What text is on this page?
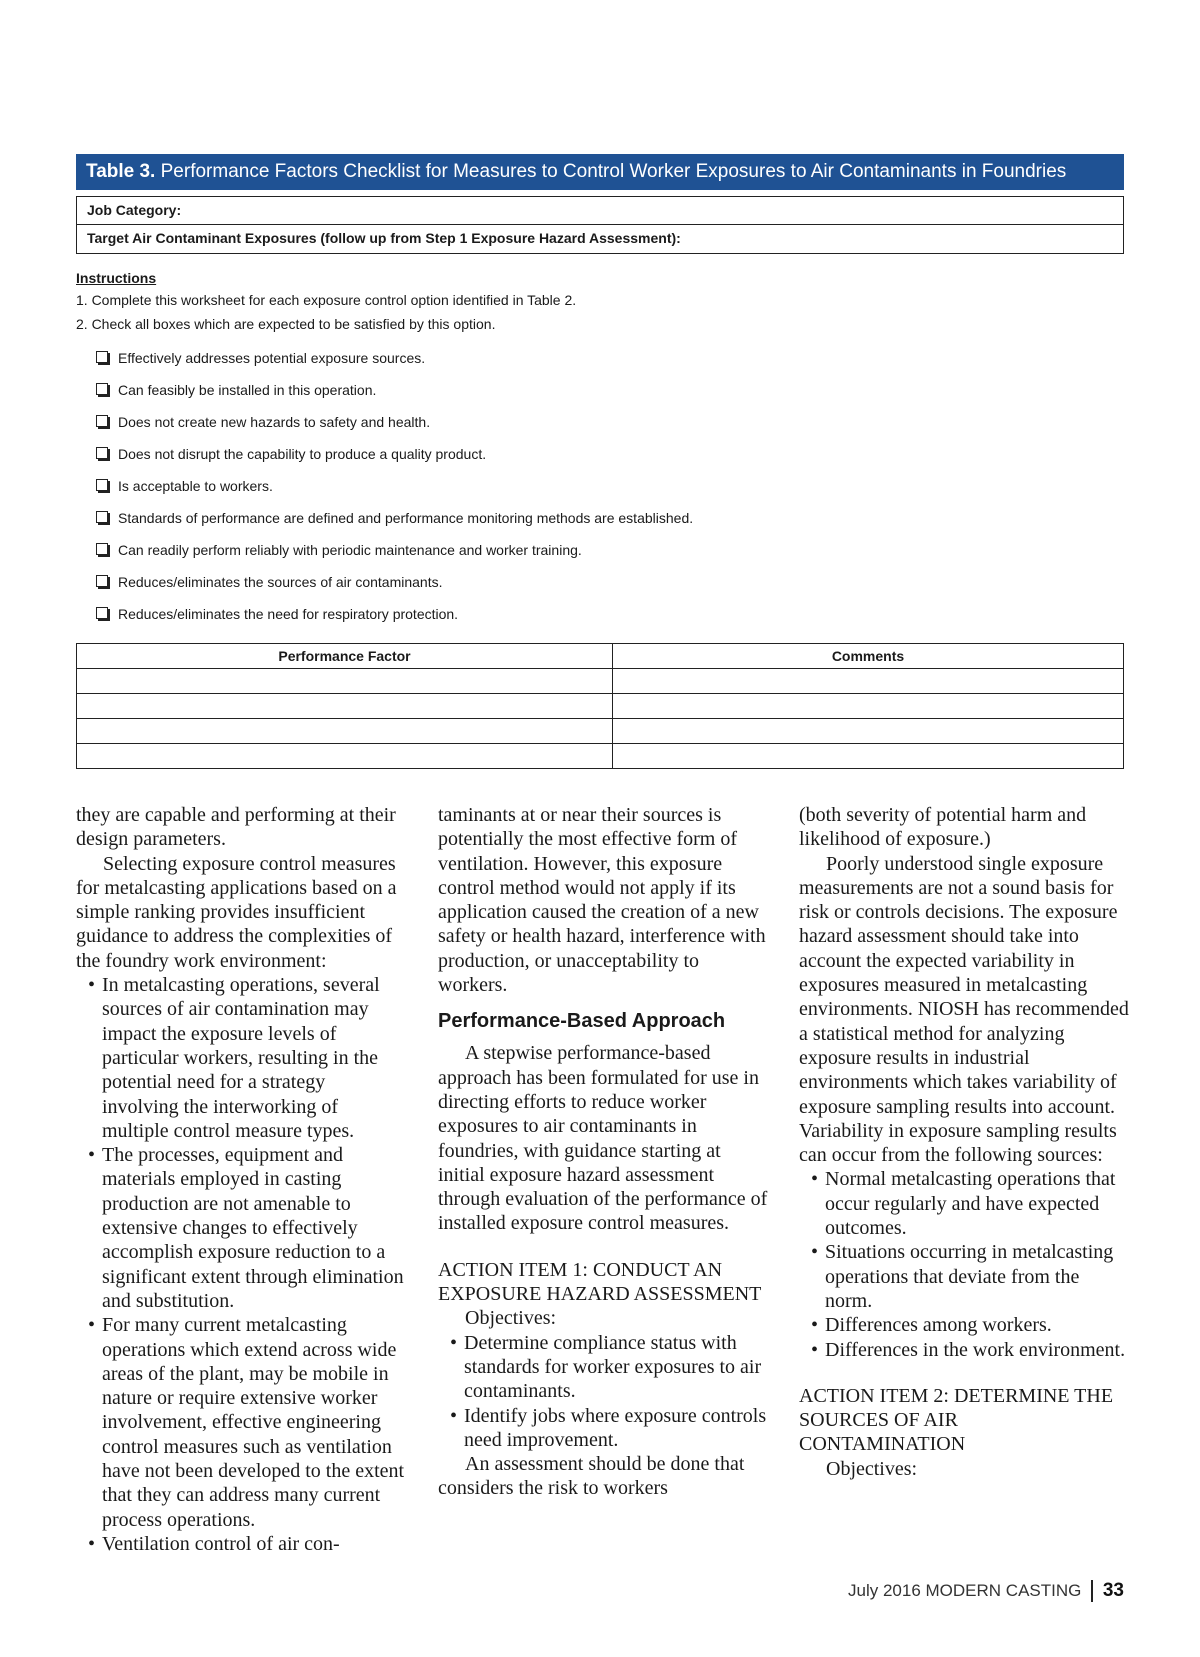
Table 3. Performance Factors Checklist for Measures to Control Worker Exposures to Air Contaminants in Foundries
Job Category:
Target Air Contaminant Exposures (follow up from Step 1 Exposure Hazard Assessment):
Instructions
1. Complete this worksheet for each exposure control option identified in Table 2.
2. Check all boxes which are expected to be satisfied by this option.
Effectively addresses potential exposure sources.
Can feasibly be installed in this operation.
Does not create new hazards to safety and health.
Does not disrupt the capability to produce a quality product.
Is acceptable to workers.
Standards of performance are defined and performance monitoring methods are established.
Can readily perform reliably with periodic maintenance and worker training.
Reduces/eliminates the sources of air contaminants.
Reduces/eliminates the need for respiratory protection.
Performance Factor	Comments

they are capable and performing at their design parameters.

Selecting exposure control measures for metalcasting applications based on a simple ranking provides insufficient guidance to address the complexities of the foundry work environment:

• In metalcasting operations, several sources of air contamination may impact the exposure levels of particular workers, resulting in the potential need for a strategy involving the interworking of multiple control measure types.

• The processes, equipment and materials employed in casting production are not amenable to extensive changes to effectively accomplish exposure reduction to a significant extent through elimination and substitution.

• For many current metalcasting operations which extend across wide areas of the plant, may be mobile in nature or require extensive worker involvement, effective engineering control measures such as ventilation have not been developed to the extent that they can address many current process operations.

• Ventilation control of air con-

taminants at or near their sources is potentially the most effective form of ventilation. However, this exposure control method would not apply if its application caused the creation of a new safety or health hazard, interference with production, or unacceptability to workers.

Performance-Based Approach

A stepwise performance-based approach has been formulated for use in directing efforts to reduce worker exposures to air contaminants in foundries, with guidance starting at initial exposure hazard assessment through evaluation of the performance of installed exposure control measures.

ACTION ITEM 1: CONDUCT AN EXPOSURE HAZARD ASSESSMENT

Objectives:

• Determine compliance status with standards for worker exposures to air contaminants.

• Identify jobs where exposure controls need improvement.

An assessment should be done that considers the risk to workers

(both severity of potential harm and likelihood of exposure.)

Poorly understood single exposure measurements are not a sound basis for risk or controls decisions. The exposure hazard assessment should take into account the expected variability in exposures measured in metalcasting environments. NIOSH has recommended a statistical method for analyzing exposure results in industrial environments which takes variability of exposure sampling results into account. Variability in exposure sampling results can occur from the following sources:

• Normal metalcasting operations that occur regularly and have expected outcomes.

• Situations occurring in metalcasting operations that deviate from the norm.

• Differences among workers.

• Differences in the work environment.

ACTION ITEM 2: DETERMINE THE SOURCES OF AIR CONTAMINATION

Objectives:

July 2016
MODERN CASTING 33
